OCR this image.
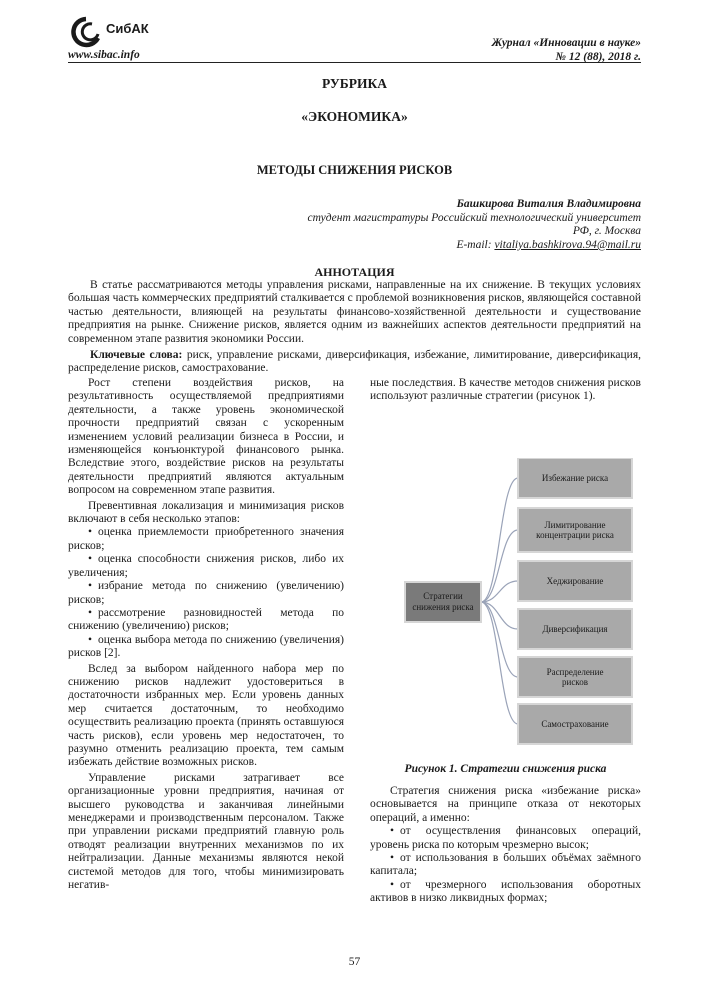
СибАК
www.sibac.info
Журнал «Инновации в науке»
№ 12 (88), 2018 г.
РУБРИКА
«ЭКОНОМИКА»
МЕТОДЫ СНИЖЕНИЯ РИСКОВ
Башкирова Виталия Владимировна
студент магистратуры Российский технологический университет
РФ, г. Москва
E-mail: vitaliya.bashkirova.94@mail.ru
АННОТАЦИЯ

В статье рассматриваются методы управления рисками, направленные на их снижение. В текущих условиях большая часть коммерческих предприятий сталкивается с проблемой возникновения рисков, являющейся составной частью деятельности, влияющей на результаты финансово-хозяйственной деятельности и существование предприятия на рынке. Снижение рисков, является одним из важнейших аспектов деятельности предприятий на современном этапе развития экономики России.

Ключевые слова: риск, управление рисками, диверсификация, избежание, лимитирование, диверсификация, распределение рисков, самострахование.

Рост степени воздействия рисков, на результативность осуществляемой предприятиями деятельности, а также уровень экономической прочности предприятий связан с ускоренным изменением условий реализации бизнеса в России, и изменяющейся конъюнктурой финансового рынка. Вследствие этого, воздействие рисков на результаты деятельности предприятий являются актуальным вопросом на современном этапе развития.

Превентивная локализация и минимизация рисков включают в себя несколько этапов:

• оценка приемлемости приобретенного значения рисков;

• оценка способности снижения рисков, либо их увеличения;

• избрание метода по снижению (увеличению) рисков;

• рассмотрение разновидностей метода по снижению (увеличению) рисков;

• оценка выбора метода по снижению (увеличения) рисков [2].

Вслед за выбором найденного набора мер по снижению рисков надлежит удостовериться в достаточности избранных мер. Если уровень данных мер считается достаточным, то необходимо осуществить реализацию проекта (принять оставшуюся часть рисков), если уровень мер недостаточен, то разумно отменить реализацию проекта, тем самым избежать действие возможных рисков.

Управление рисками затрагивает все организационные уровни предприятия, начиная от высшего руководства и заканчивая линейными менеджерами и производственным персоналом. Также при управлении рисками предприятий главную роль отводят реализации внутренних механизмов по их нейтрализации. Данные механизмы являются некой системой методов для того, чтобы минимизировать негатив-

ные последствия. В качестве методов снижения рисков используют различные стратегии (рисунок 1).

Стратегии
снижения риска
Избежание риска
Лимитирование
концентрации риска
Хеджирование
Диверсификация
Распределение
рисков
Самострахование
Рисунок 1. Стратегии снижения риска

Стратегия снижения риска «избежание риска» основывается на принципе отказа от некоторых операций, а именно:

• от осуществления финансовых операций, уровень риска по которым чрезмерно высок;

• от использования в больших объёмах заёмного капитала;

• от чрезмерного использования оборотных активов в низко ликвидных формах;

57
